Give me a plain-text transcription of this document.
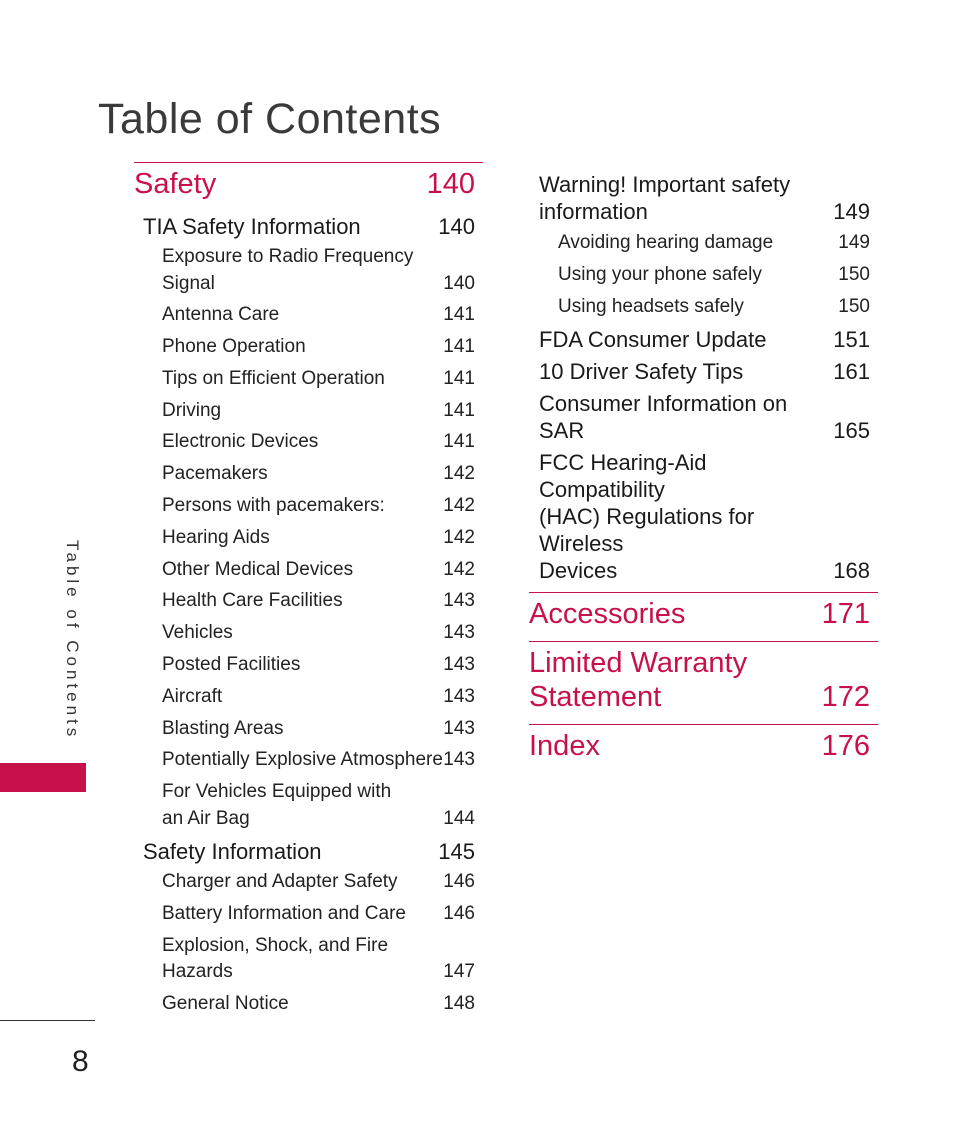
Table of Contents
Table of Contents
8
Safety	140
TIA Safety Information	140
Exposure to Radio Frequency
Signal	140
Antenna Care	141
Phone Operation	141
Tips on Efficient Operation	141
Driving	141
Electronic Devices	141
Pacemakers	142
Persons with pacemakers:	142
Hearing Aids	142
Other Medical Devices	142
Health Care Facilities	143
Vehicles	143
Posted Facilities	143
Aircraft	143
Blasting Areas	143
Potentially Explosive Atmosphere 143
For Vehicles Equipped with
an Air Bag	144
Safety Information	145
Charger and Adapter Safety 146
Battery Information and Care 146
Explosion, Shock, and Fire Hazards	147
General Notice	148
Warning! Important safety
information	149
Avoiding hearing damage	149
Using your phone safely	150
Using headsets safely	150
FDA Consumer Update	151
10 Driver Safety Tips	161
Consumer Information on
SAR	165
FCC Hearing-Aid Compatibility
(HAC) Regulations for Wireless
Devices	168
Accessories	171
Limited Warranty
Statement	172
Index	176
